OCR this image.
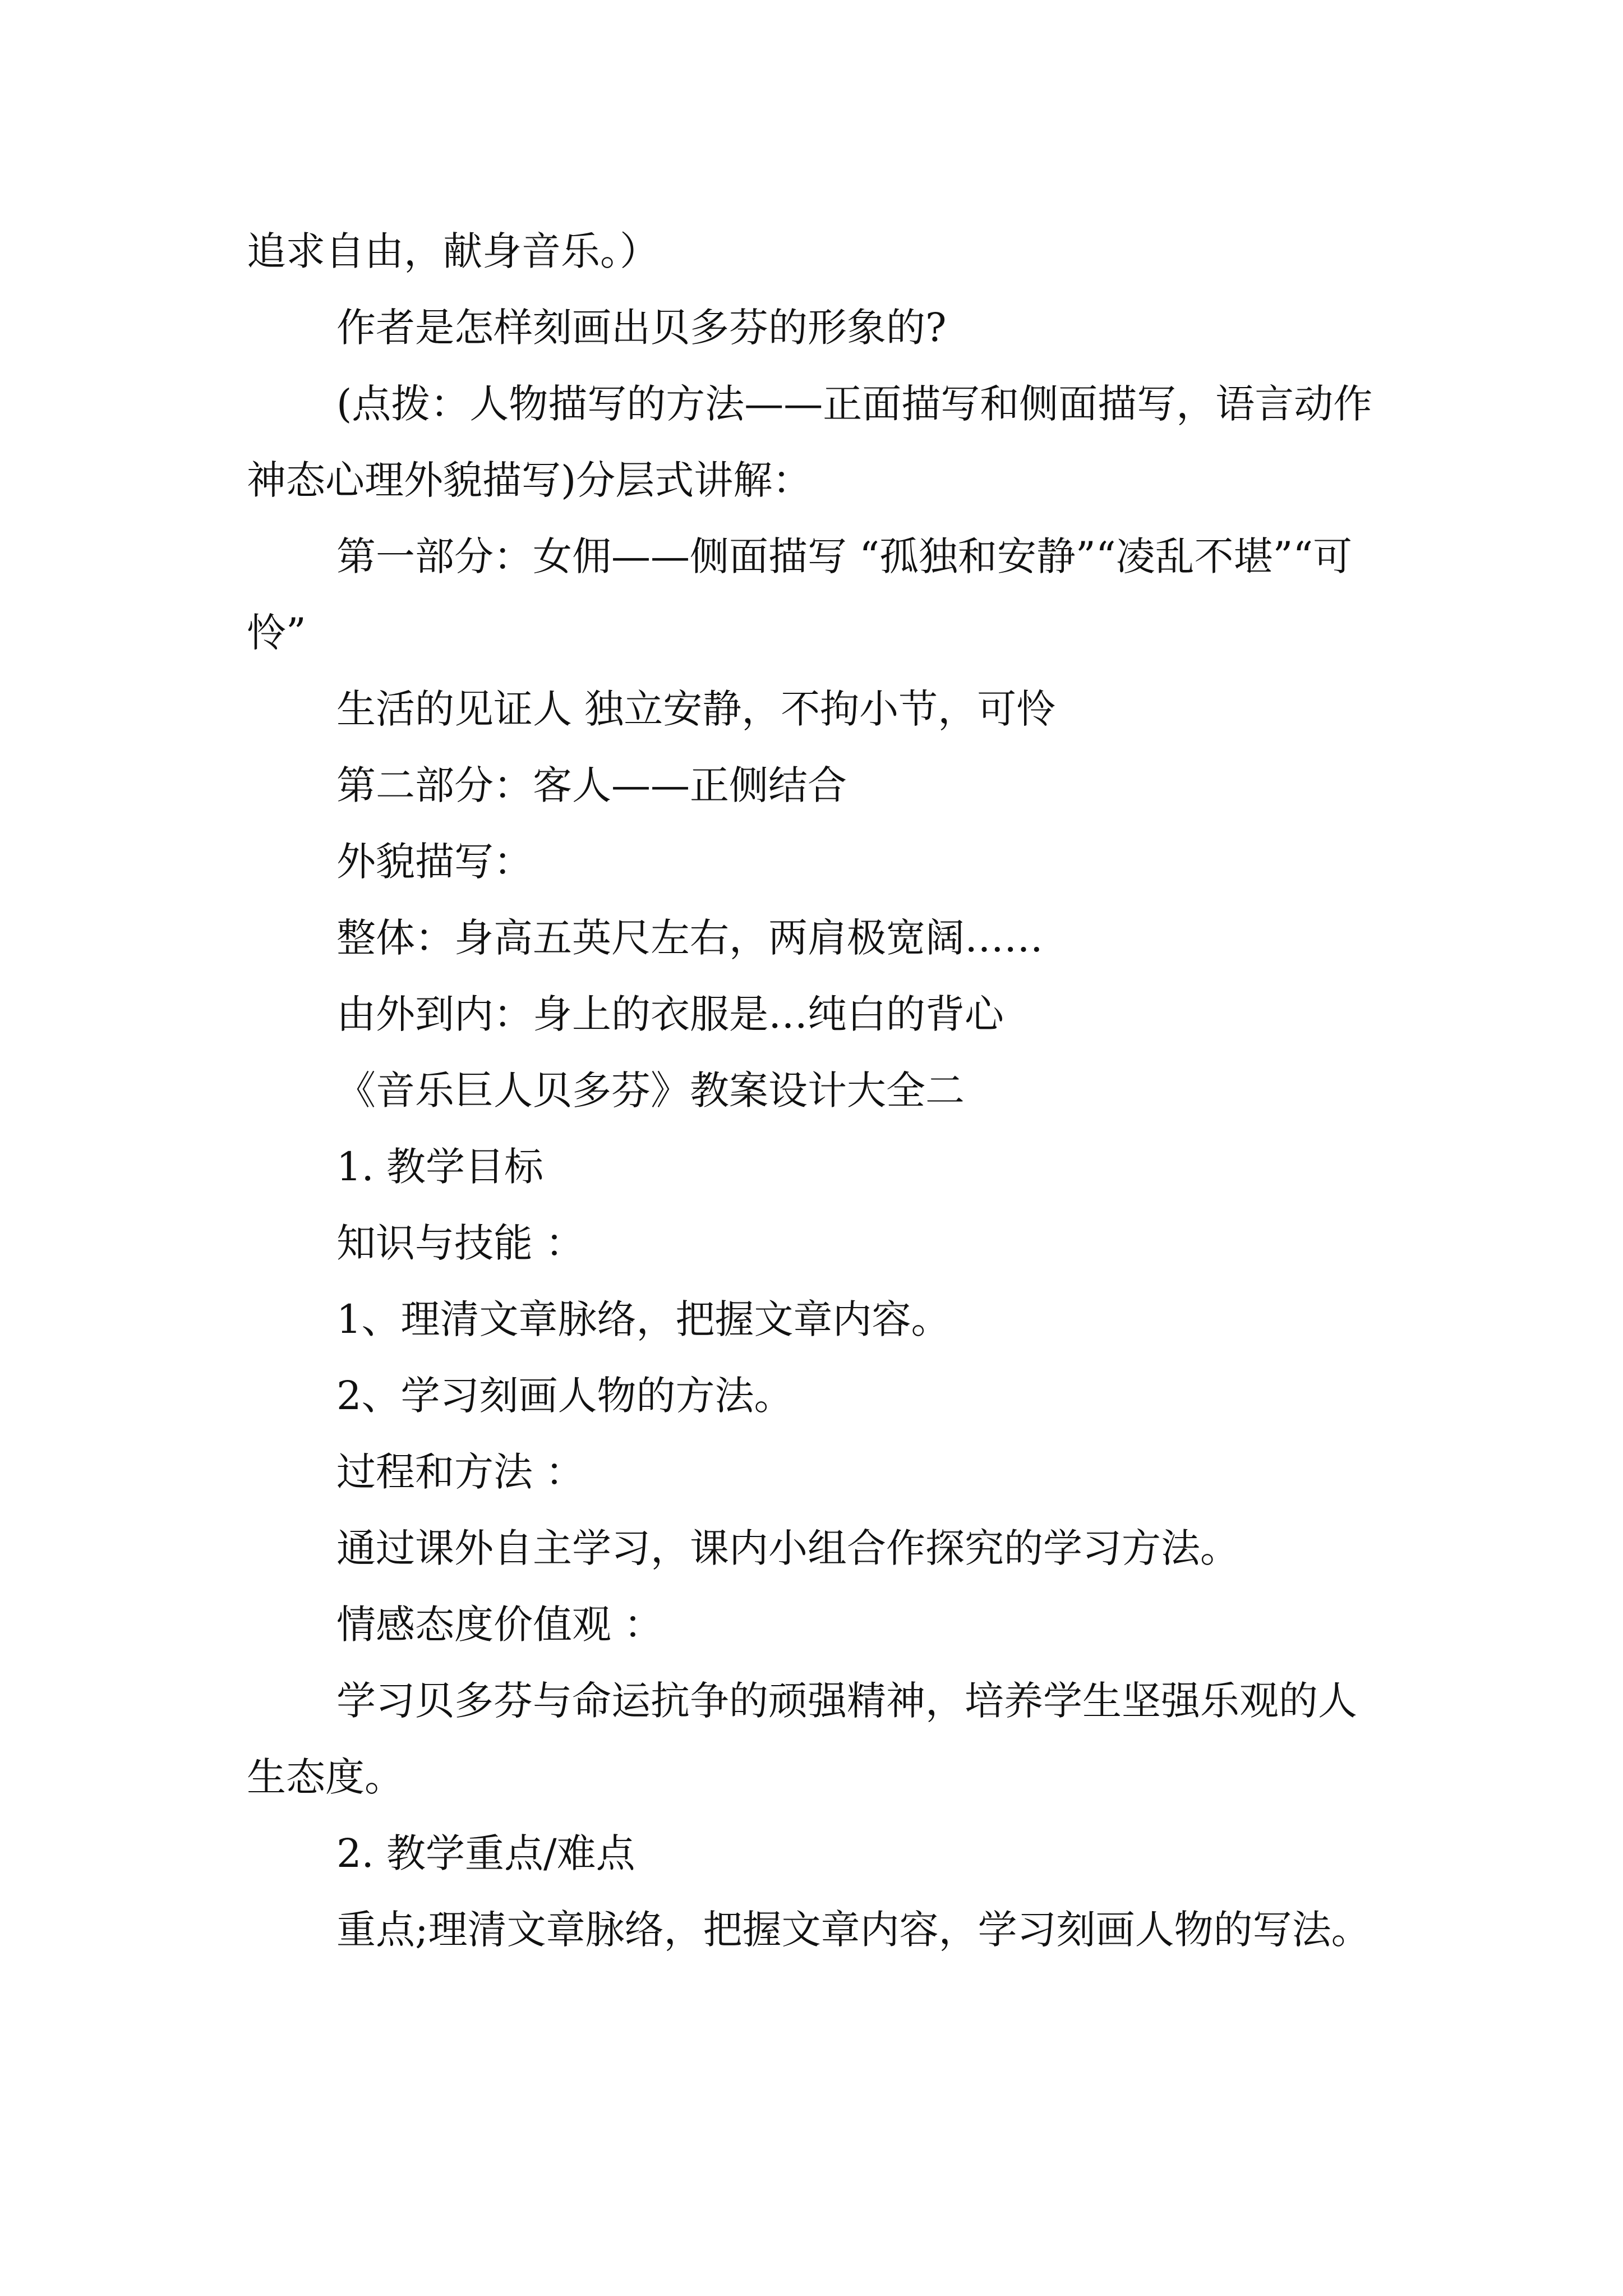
追求自由，献身音乐。）

作者是怎样刻画出贝多芬的形象的?

(点拨：人物描写的方法——正面描写和侧面描写，语言动作神态心理外貌描写)分层式讲解：

第一部分：女佣——侧面描写 “孤独和安静”“凌乱不堪”“可怜”

生活的见证人 独立安静，不拘小节，可怜

第二部分：客人——正侧结合

外貌描写：

整体：身高五英尺左右，两肩极宽阔……

由外到内：身上的衣服是…纯白的背心

《音乐巨人贝多芬》教案设计大全二

1. 教学目标

知识与技能 ：

1、理清文章脉络，把握文章内容。

2、学习刻画人物的方法。

过程和方法 ：

通过课外自主学习，课内小组合作探究的学习方法。

情感态度价值观 ：

学习贝多芬与命运抗争的顽强精神，培养学生坚强乐观的人生态度。

2. 教学重点/难点

重点;理清文章脉络，把握文章内容，学习刻画人物的写法。
